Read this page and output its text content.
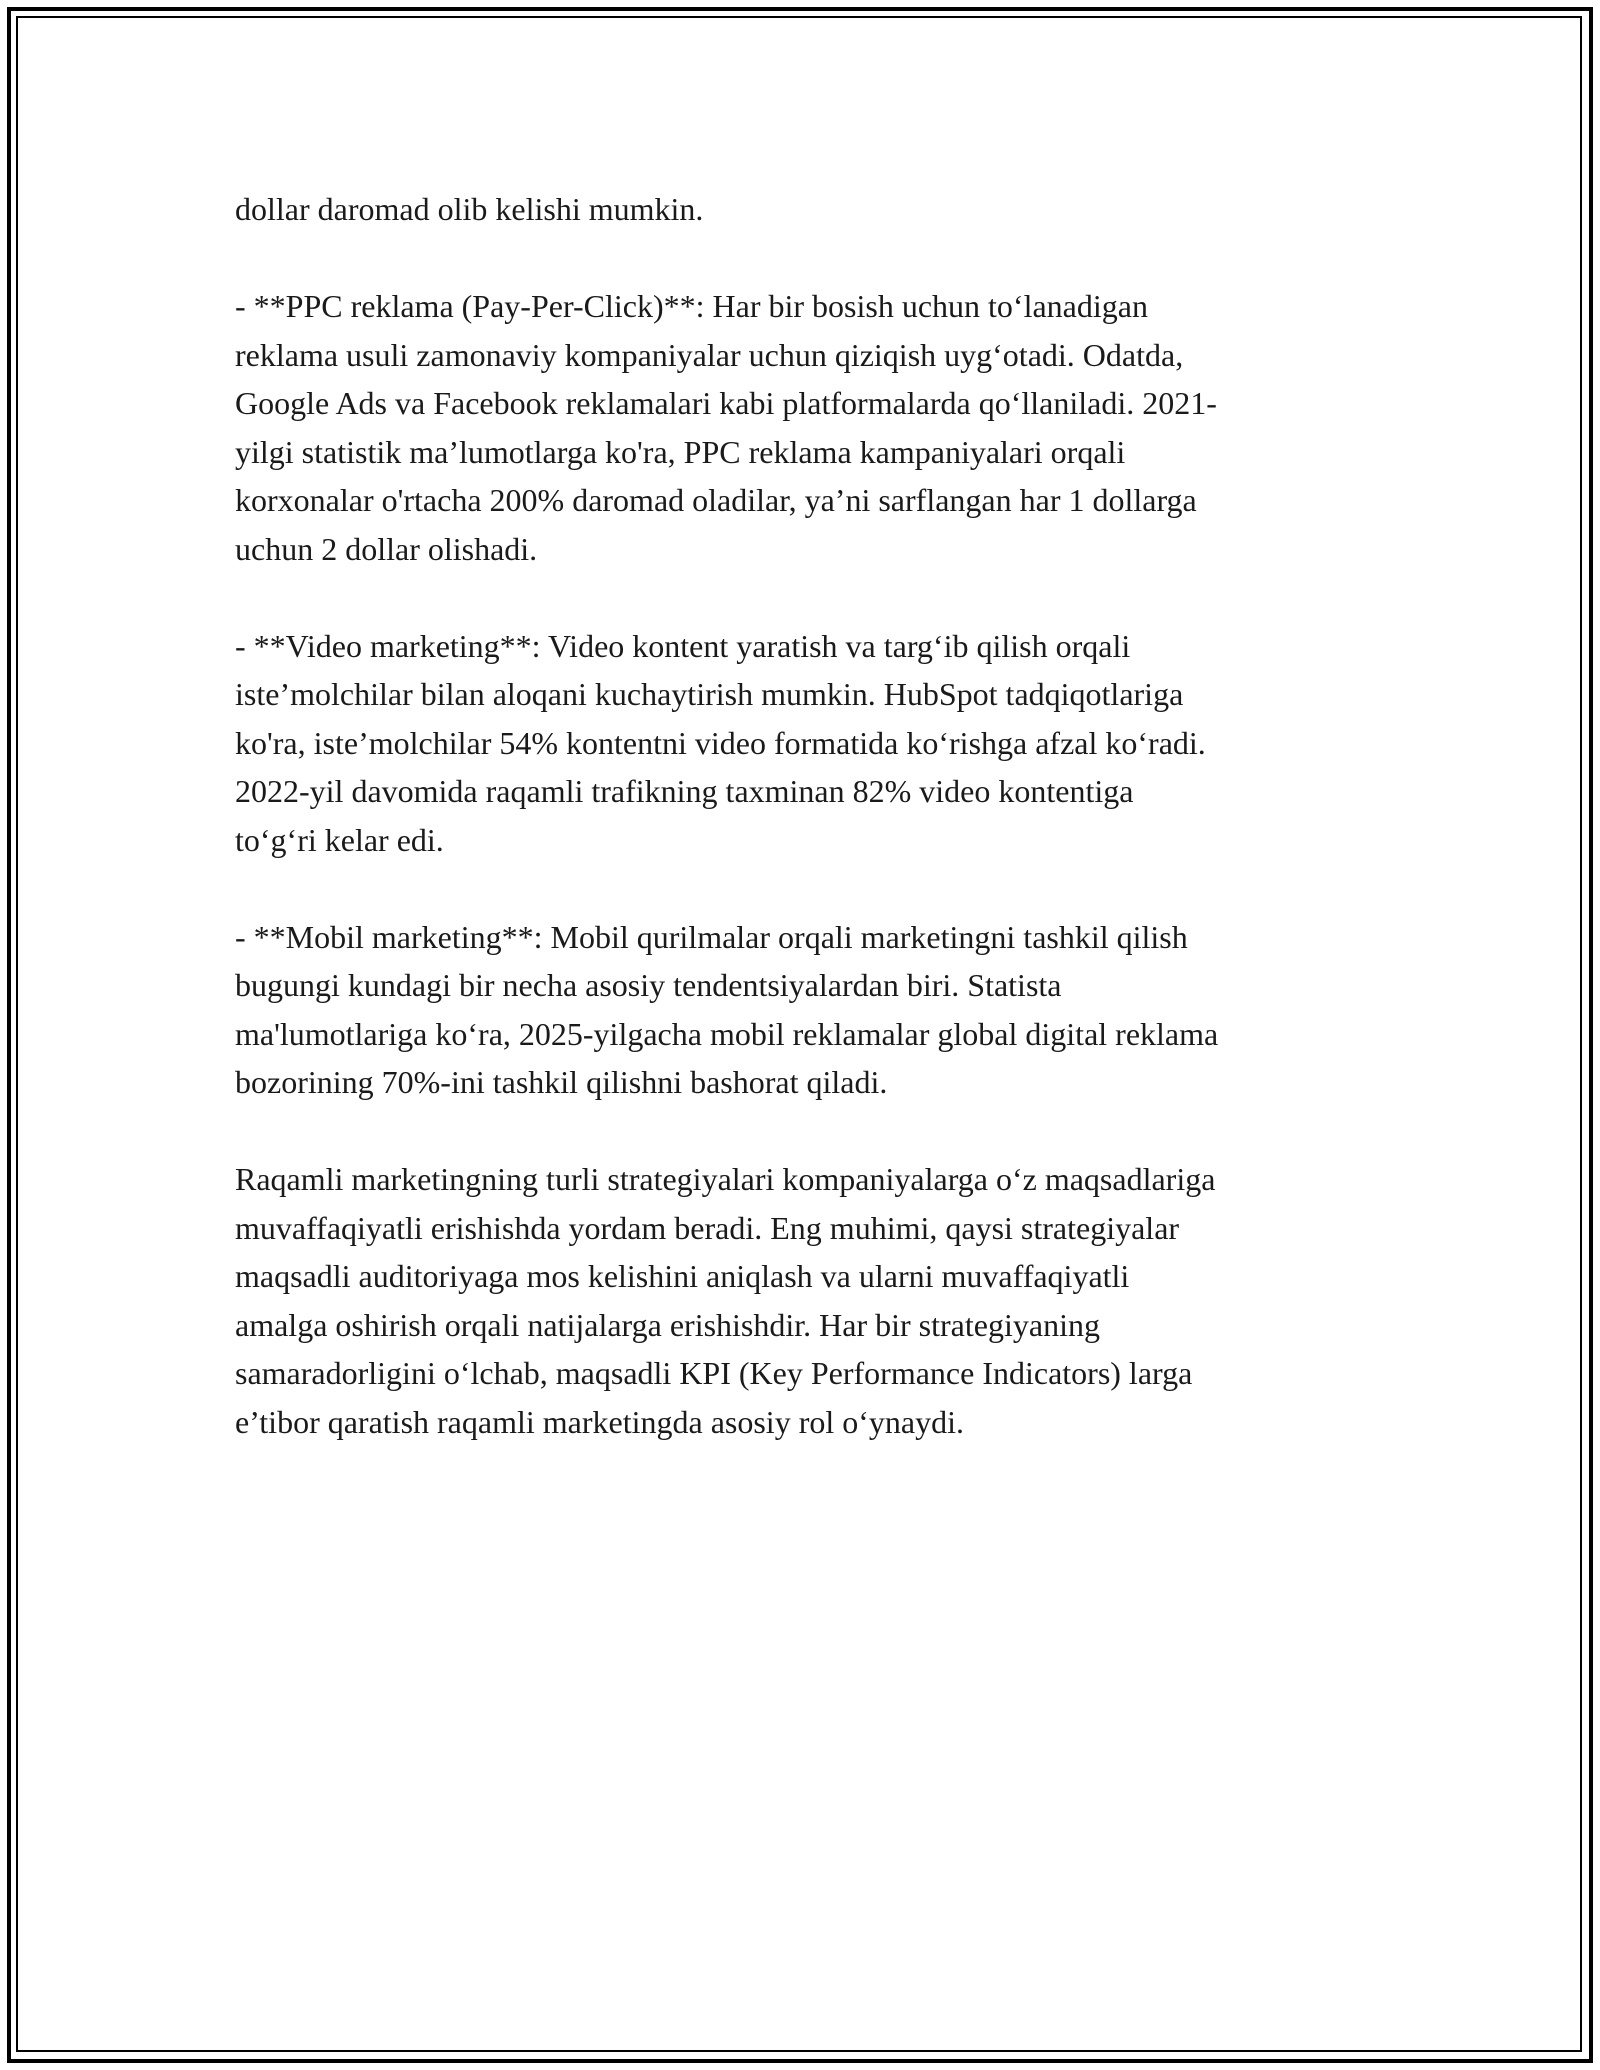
dollar daromad olib kelishi mumkin.

- **PPC reklama (Pay-Per-Click)**: Har bir bosish uchun to‘lanadigan
reklama usuli zamonaviy kompaniyalar uchun qiziqish uyg‘otadi. Odatda,
Google Ads va Facebook reklamalari kabi platformalarda qo‘llaniladi. 2021-
yilgi statistik ma’lumotlarga ko'ra, PPC reklama kampaniyalari orqali
korxonalar o'rtacha 200% daromad oladilar, ya’ni sarflangan har 1 dollarga
uchun 2 dollar olishadi.

- **Video marketing**: Video kontent yaratish va targ‘ib qilish orqali
iste’molchilar bilan aloqani kuchaytirish mumkin. HubSpot tadqiqotlariga
ko'ra, iste’molchilar 54% kontentni video formatida ko‘rishga afzal ko‘radi.
2022-yil davomida raqamli trafikning taxminan 82% video kontentiga
to‘g‘ri kelar edi.

- **Mobil marketing**: Mobil qurilmalar orqali marketingni tashkil qilish
bugungi kundagi bir necha asosiy tendentsiyalardan biri. Statista
ma'lumotlariga ko‘ra, 2025-yilgacha mobil reklamalar global digital reklama
bozorining 70%-ini tashkil qilishni bashorat qiladi.

Raqamli marketingning turli strategiyalari kompaniyalarga o‘z maqsadlariga
muvaffaqiyatli erishishda yordam beradi. Eng muhimi, qaysi strategiyalar
maqsadli auditoriyaga mos kelishini aniqlash va ularni muvaffaqiyatli
amalga oshirish orqali natijalarga erishishdir. Har bir strategiyaning
samaradorligini o‘lchab, maqsadli KPI (Key Performance Indicators) larga
e’tibor qaratish raqamli marketingda asosiy rol o‘ynaydi.
